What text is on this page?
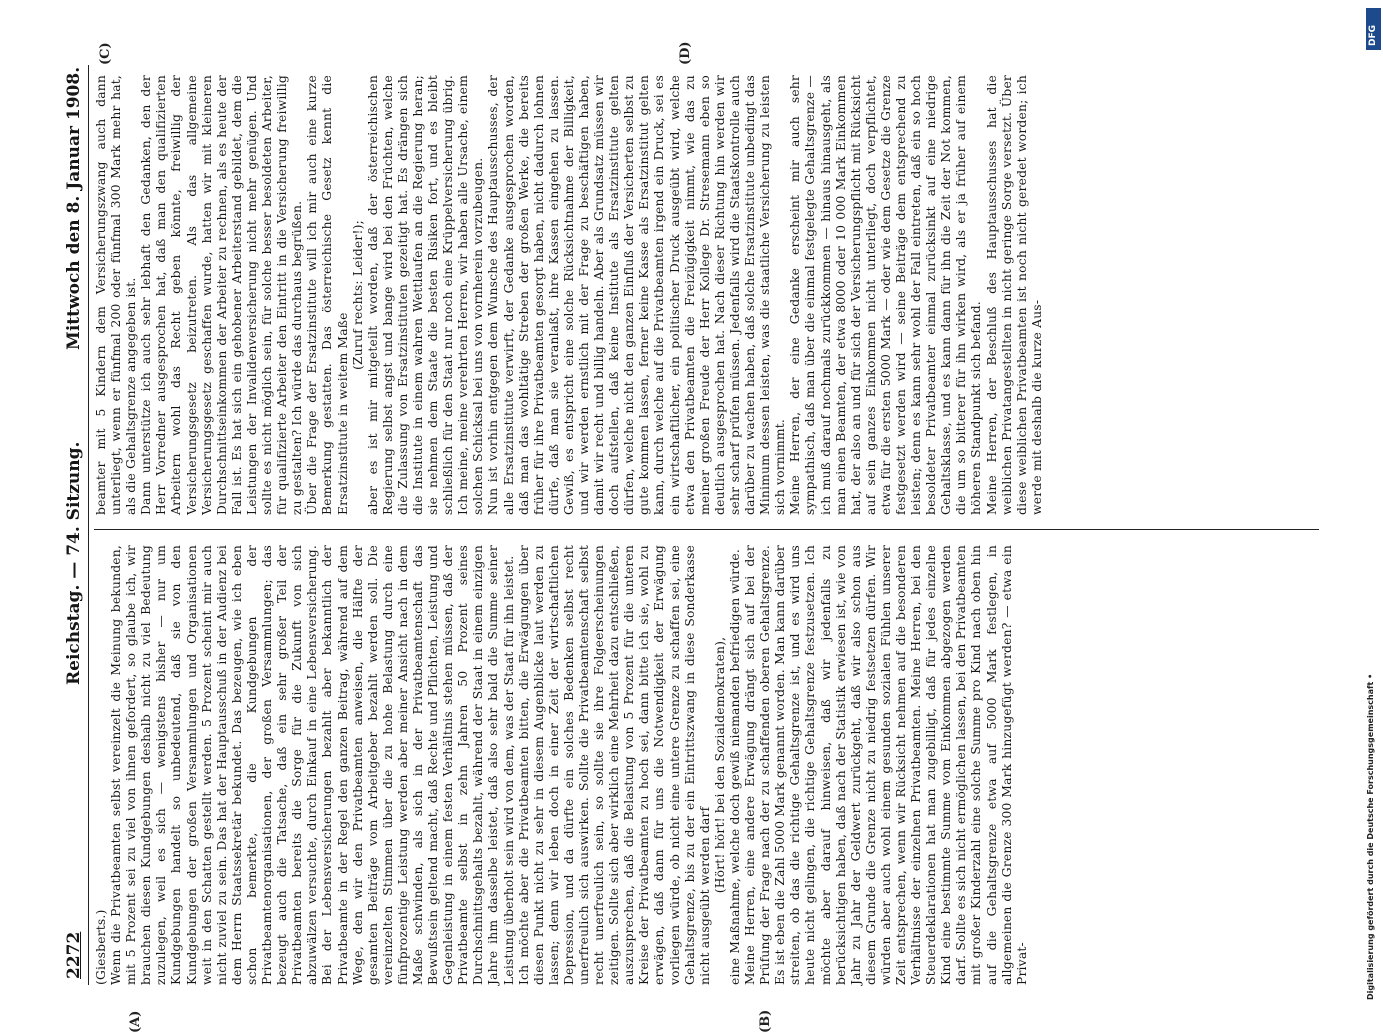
2272
Reichstag. — 74. Sitzung.
Mittwoch den 8. Januar 1908.

(Giesberts.) Wenn die Privatbeamten selbst vereinzelt die Meinung bekunden, mit 5 Prozent sei zu viel von ihnen gefordert, so glaube ich, wir brauchen diesen Kundgebungen deshalb nicht zu viel Bedeutung zuzulegen, weil es sich — wenigstens bisher — nur um Kundgebungen handelt so unbedeutend, daß sie von den Kundgebungen der großen Versammlungen und Organisationen weit in den Schatten gestellt werden. 5 Prozent scheint mir auch nicht zuviel zu sein. Das hat der Hauptausschuß in der Audienz bei dem Herrn Staatssekretär bekundet. Das bezeugen, wie ich eben schon bemerkte, die Kundgebungen der Privatbeamtenorganisationen, der großen Versammlungen; das bezeugt auch die Tatsache, daß ein sehr großer Teil der Privatbeamten bereits die Sorge für die Zukunft von sich abzuwälzen versuchte, durch Einkauf in eine Lebensversicherung. Bei der Lebensversicherungen bezahlt aber bekanntlich der Privatbeamte in der Regel den ganzen Beitrag, während auf dem Wege, den wir den Privatbeamten anweisen, die Hälfte der gesamten Beiträge vom Arbeitgeber bezahlt werden soll. Die vereinzelten Stimmen über die zu hohe Belastung durch eine fünfprozentige Leistung werden aber meiner Ansicht nach in dem Maße schwinden, als sich in der Privatbeamtenschaft das Bewußtsein geltend macht, daß Rechte und Pflichten, Leistung und Gegenleistung in einem festen Verhältnis stehen müssen, daß der Privatbeamte selbst in zehn Jahren 50 Prozent seines Durchschnittsgehalts bezahlt, während der Staat in einem einzigen Jahre ihm dasselbe leistet, daß also sehr bald die Summe seiner Leistung überholt sein wird von dem, was der Staat für ihn leistet. Ich möchte aber die Privatbeamten bitten, die Erwägungen über diesen Punkt nicht zu sehr in diesem Augenblicke laut werden zu lassen; denn wir leben doch in einer Zeit der wirtschaftlichen Depression, und da dürfte ein solches Bedenken selbst recht unerfreulich sich auswirken. Sollte die Privatbeamtenschaft selbst recht unerfreulich sein, so sollte sie ihre Folgeerscheinungen zeitigen. Sollte sich aber wirklich eine Mehrheit dazu entschließen, auszusprechen, daß die Belastung von 5 Prozent für die unteren Kreise der Privatbeamten zu hoch sei, dann bitte ich sie, wohl zu erwägen, daß dann für uns die Notwendigkeit der Erwägung vorliegen würde, ob nicht eine untere Grenze zu schaffen sei, eine Gehaltsgrenze, bis zu der ein Eintrittszwang in diese Sonderkasse nicht ausgeübt werden darf

(Hört! hört! bei den Sozialdemokraten), eine Maßnahme, welche doch gewiß niemanden befriedigen würde. Meine Herren, eine andere Erwägung drängt sich auf bei der Prüfung der Frage nach der zu schaffenden oberen Gehaltsgrenze. Es ist eben die Zahl 5000 Mark genannt worden. Man kann darüber streiten, ob das die richtige Gehaltsgrenze ist, und es wird uns heute nicht gelingen, die richtige Gehaltsgrenze festzusetzen. Ich möchte aber darauf hinweisen, daß wir jedenfalls zu berücksichtigen haben, daß nach der Statistik erwiesen ist, wie von Jahr zu Jahr der Geldwert zurückgeht, daß wir also schon aus diesem Grunde die Grenze nicht zu niedrig festsetzen dürfen. Wir würden aber auch wohl einem gesunden sozialen Fühlen unserer Zeit entsprechen, wenn wir Rücksicht nehmen auf die besonderen Verhältnisse der einzelnen Privatbeamten. Meine Herren, bei den Steuerdeklarationen hat man zugebilligt, daß für jedes einzelne Kind eine bestimmte Summe vom Einkommen abgezogen werden darf. Sollte es sich nicht ermöglichen lassen, bei den Privatbeamten mit großer Kinderzahl eine solche Summe pro Kind nach oben hin auf die Gehaltsgrenze etwa auf 5000 Mark festlegen, in allgemeinen die Grenze 300 Mark hinzugefügt werden? — etwa ein Privat-

beamter mit 5 Kindern dem Versicherungszwang auch dann unterliegt, wenn er fünfmal 200 oder fünfmal 300 Mark mehr hat, als die Gehaltsgrenze angegeben ist. Dann unterstütze ich auch sehr lebhaft den Gedanken, den der Herr Vorredner ausgesprochen hat, daß man den qualifizierten Arbeitern wohl das Recht geben könnte, freiwillig der Versicherungsgesetz beizutreten. Als das allgemeine Versicherungsgesetz geschaffen wurde, hatten wir mit kleineren Durchschnittseinkommen der Arbeiter zu rechnen, als es heute der Fall ist. Es hat sich ein gehobener Arbeiterstand gebildet, dem die Leistungen der Invalidenversicherung nicht mehr genügen. Und sollte es nicht möglich sein, für solche besser besoldeten Arbeiter, für qualifizierte Arbeiter den Eintritt in die Versicherung freiwillig zu gestalten? Ich würde das durchaus begrüßen. Über die Frage der Ersatzinstitute will ich mir auch eine kurze Bemerkung gestatten. Das österreichische Gesetz kennt die Ersatzinstitute in weitem Maße

(Zuruf rechts: Leider!); aber es ist mir mitgeteilt worden, daß der österreichischen Regierung selbst angst und bange wird bei den Früchten, welche die Zulassung von Ersatzinstituten gezeitigt hat. Es drängen sich die Institute in einem wahren Wettlaufen an die Regierung heran; sie nehmen dem Staate die besten Risiken fort, und es bleibt schließlich für den Staat nur noch eine Krüppelversicherung übrig. Ich meine, meine verehrten Herren, wir haben alle Ursache, einem solchen Schicksal bei uns von vornherein vorzubeugen. Nun ist vorhin entgegen dem Wunsche des Hauptausschusses, der alle Ersatzinstitute verwirft, der Gedanke ausgesprochen worden, daß man das wohltätige Streben der großen Werke, die bereits früher für ihre Privatbeamten gesorgt haben, nicht dadurch lohnen dürfe, daß man sie veranlaßt, ihre Kassen eingehen zu lassen. Gewiß, es entspricht eine solche Rücksichtnahme der Billigkeit, und wir werden ernstlich mit der Frage zu beschäftigen haben, damit wir recht und billig handeln. Aber als Grundsatz müssen wir doch aufstellen, daß keine Institute als Ersatzinstitute gelten dürfen, welche nicht den ganzen Einfluß der Versicherten selbst zu gute kommen lassen, ferner keine Kasse als Ersatzinstitut gelten kann, durch welche auf die Privatbeamten irgend ein Druck, sei es ein wirtschaftlicher, ein politischer Druck ausgeübt wird, welche etwa den Privatbeamten die Freizügigkeit nimmt, wie das zu meiner großen Freude der Herr Kollege Dr. Stresemann eben so deutlich ausgesprochen hat. Nach dieser Richtung hin werden wir sehr scharf prüfen müssen. Jedenfalls wird die Staatskontrolle auch darüber zu wachen haben, daß solche Ersatzinstitute unbedingt das Minimum dessen leisten, was die staatliche Versicherung zu leisten sich vornimmt. Meine Herren, der eine Gedanke erscheint mir auch sehr sympathisch, daß man über die einmal festgelegte Gehaltsgrenze — ich muß darauf nochmals zurückkommen — hinaus hinausgeht, als man einen Beamten, der etwa 8000 oder 10 000 Mark Einkommen hat, der also an und für sich der Versicherungspflicht mit Rücksicht auf sein ganzes Einkommen nicht unterliegt, doch verpflichtet, etwa für die ersten 5000 Mark — oder wie dem Gesetze die Grenze festgesetzt werden wird — seine Beiträge dem entsprechend zu leisten; denn es kann sehr wohl der Fall eintreten, daß ein so hoch besoldeter Privatbeamter einmal zurücksinkt auf eine niedrige Gehaltsklasse, und es kann dann für ihn die Zeit der Not kommen, die um so bitterer für ihn wirken wird, als er ja früher auf einem höheren Standpunkt sich befand. Meine Herren, der Beschluß des Hauptausschusses hat die weiblichen Privatangestellten in nicht geringe Sorge versetzt. Über diese weiblichen Privatbeamten ist noch nicht geredet worden; ich werde mit deshalb die kurze Aus-

(A)	(B)
(C)	(D)
DFG
Digitalisierung gefördert durch die Deutsche Forschungsgemeinschaft •
